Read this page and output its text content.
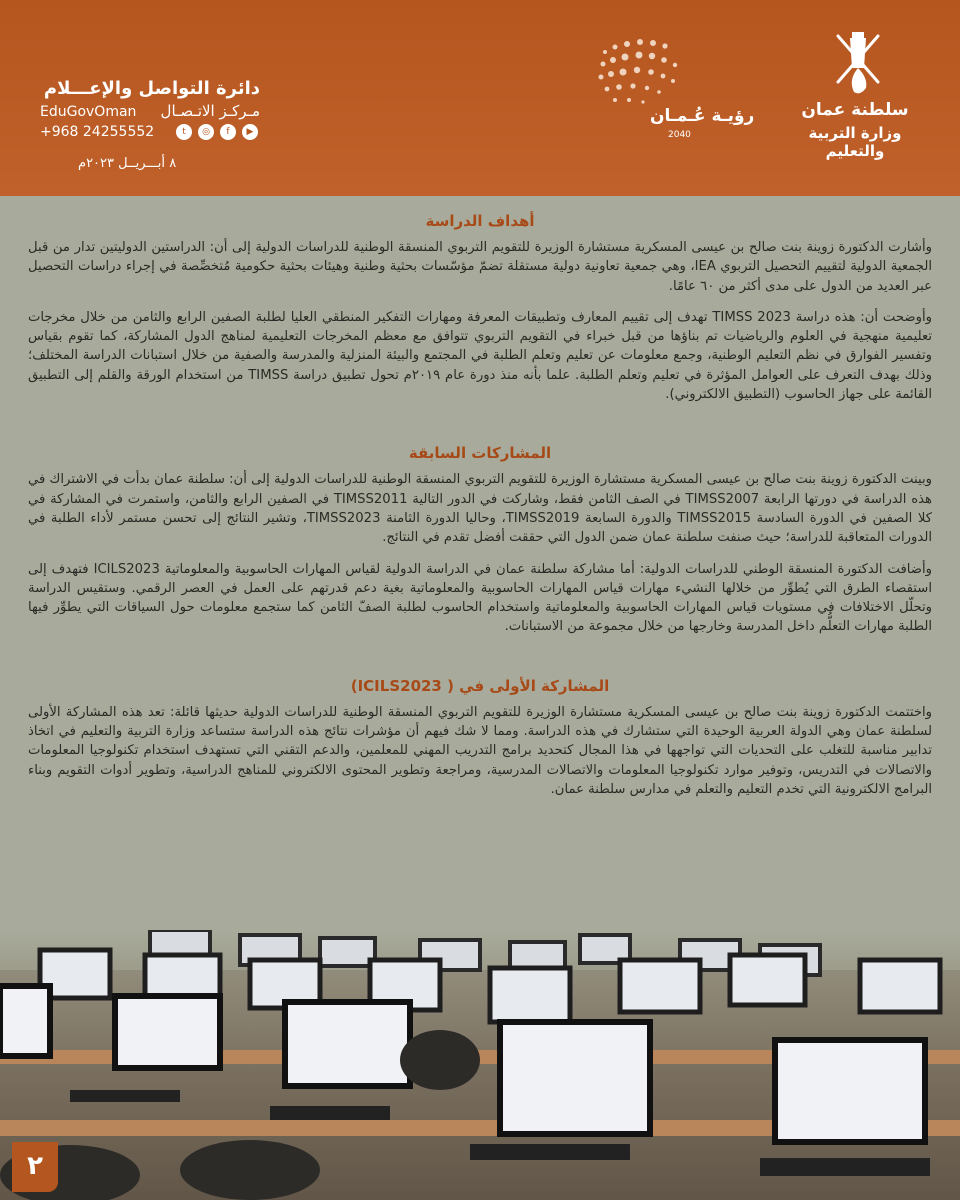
دائرة التواصل والإعـــلام
EduGovOman مـركـز الاتـصـال
+968 24255552	t	◎	f	▶
٨ أبـــريــل ٢٠٢٣م
رؤيـة عُـمـان
2040
سلطنة عمان
وزارة التربية والتعليم
أهداف الدراسة

وأشارت الدكتورة زوينة بنت صالح بن عيسى المسكرية مستشارة الوزيرة للتقويم التربوي المنسقة الوطنية للدراسات الدولية إلى أن: الدراستين الدوليتين تدار من قبل الجمعية الدولية لتقييم التحصيل التربوي IEA، وهي جمعية تعاونية دولية مستقلة تضمّ مؤسّسات بحثية وطنية وهيئات بحثية حكومية مُتخصِّصة في إجراء دراسات التحصيل عبر العديد من الدول على مدى أكثر من ٦٠ عامًا.

وأوضحت أن: هذه دراسة TIMSS 2023 تهدف إلى تقييم المعارف وتطبيقات المعرفة ومهارات التفكير المنطقي العليا لطلبة الصفين الرابع والثامن من خلال مخرجات تعليمية منهجية في العلوم والرياضيات تم بناؤها من قبل خبراء في التقويم التربوي تتوافق مع معظم المخرجات التعليمية لمناهج الدول المشاركة، كما تقوم بقياس وتفسير الفوارق في نظم التعليم الوطنية، وجمع معلومات عن تعليم وتعلم الطلبة في المجتمع والبيئة المنزلية والمدرسة والصفية من خلال استبانات الدراسة المختلف؛ وذلك بهدف التعرف على العوامل المؤثرة في تعليم وتعلم الطلبة. علما بأنه منذ دورة عام ٢٠١٩م تحول تطبيق دراسة TIMSS من استخدام الورقة والقلم إلى التطبيق القائمة على جهاز الحاسوب (التطبيق الالكتروني).

المشاركات السابقة

وبينت الدكتورة زوينة بنت صالح بن عيسى المسكرية مستشارة الوزيرة للتقويم التربوي المنسقة الوطنية للدراسات الدولية إلى أن: سلطنة عمان بدأت في الاشتراك في هذه الدراسة في دورتها الرابعة TIMSS2007 في الصف الثامن فقط، وشاركت في الدور التالية TIMSS2011 في الصفين الرابع والثامن، واستمرت في المشاركة في كلا الصفين في الدورة السادسة TIMSS2015 والدورة السابعة TIMSS2019، وحاليا الدورة الثامنة TIMSS2023، وتشير النتائج إلى تحسن مستمر لأداء الطلبة في الدورات المتعاقبة للدراسة؛ حيث صنفت سلطنة عمان ضمن الدول التي حققت أفضل تقدم في النتائج.

وأضافت الدكتورة المنسقة الوطني للدراسات الدولية: أما مشاركة سلطنة عمان في الدراسة الدولية لقياس المهارات الحاسوبية والمعلوماتية ICILS2023 فتهدف إلى استقصاء الطرق التي يُطوِّر من خلالها النشيء مهارات قياس المهارات الحاسوبية والمعلوماتية بغية دعم قدرتهم على العمل في العصر الرقمي. وستقيس الدراسة وتحلّل الاختلافات في مستويات قياس المهارات الحاسوبية والمعلوماتية واستخدام الحاسوب لطلبة الصفّ الثامن كما ستجمع معلومات حول السياقات التي يطوِّر فيها الطلبة مهارات التعلُّم داخل المدرسة وخارجها من خلال مجموعة من الاستبانات.

المشاركة الأولى في ( ICILS2023)

واختتمت الدكتورة زوينة بنت صالح بن عيسى المسكرية مستشارة الوزيرة للتقويم التربوي المنسقة الوطنية للدراسات الدولية حديثها قائلة: تعد هذه المشاركة الأولى لسلطنة عمان وهي الدولة العربية الوحيدة التي ستشارك في هذه الدراسة. ومما لا شك فيهم أن مؤشرات نتائج هذه الدراسة ستساعد وزارة التربية والتعليم في اتخاذ تدابير مناسبة للتغلب على التحديات التي تواجهها في هذا المجال كتحديد برامج التدريب المهني للمعلمين، والدعم التقني التي تستهدف استخدام تكنولوجيا المعلومات والاتصالات في التدريس، وتوفير موارد تكنولوجيا المعلومات والاتصالات المدرسية، ومراجعة وتطوير المحتوى الالكتروني للمناهج الدراسية، وتطوير أدوات التقويم وبناء البرامج الالكترونية التي تخدم التعليم والتعلم في مدارس سلطنة عمان.

٢
